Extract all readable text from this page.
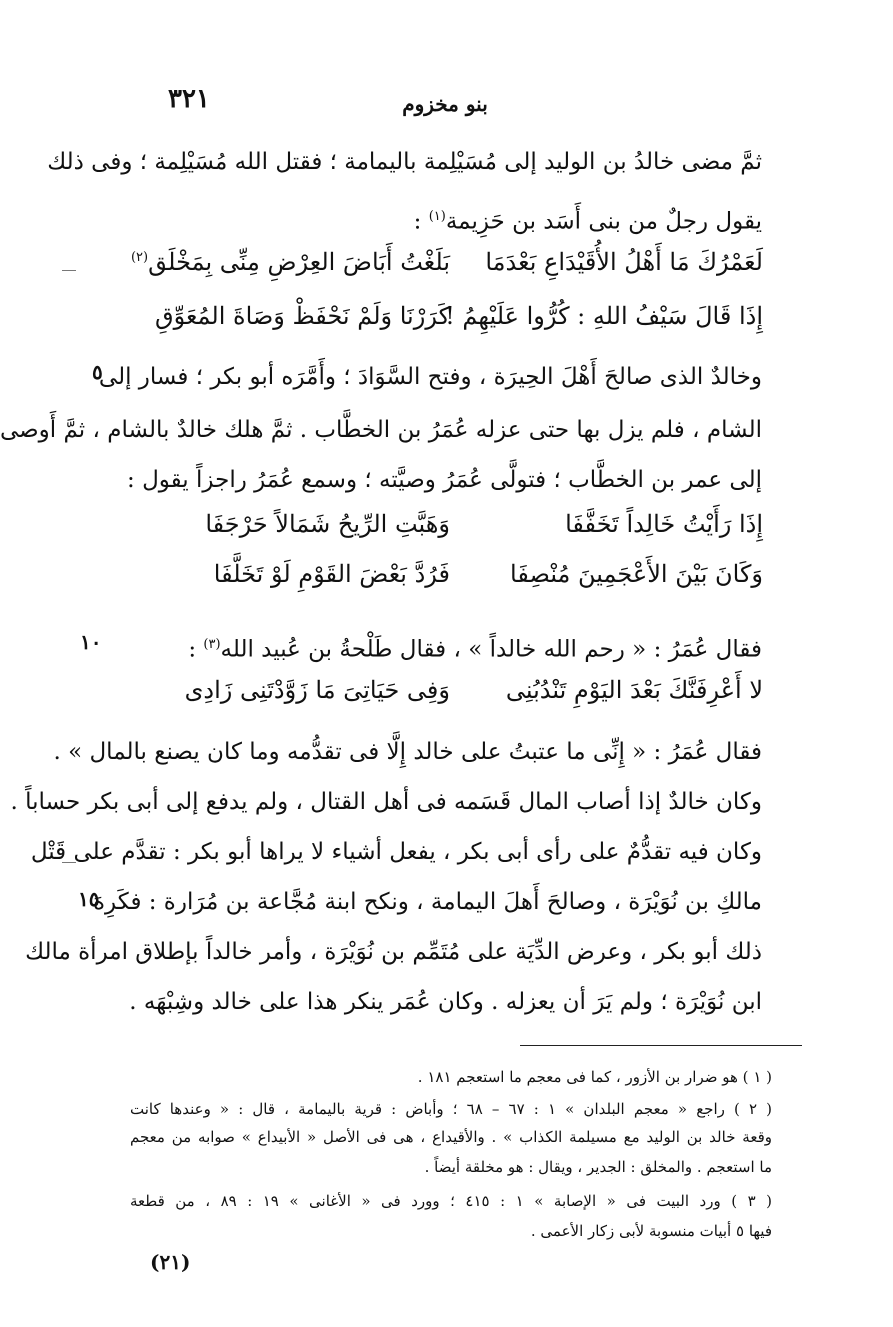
بنو مخزوم
٣٢١
ثمَّ مضى خالدُ بن الوليد إلى مُسَيْلِمة باليمامة ؛ فقتل الله مُسَيْلِمة ؛ وفى ذلك
يقول رجلٌ من بنى أَسَد بن حَزِيمة$^{(١)}$ :
لَعَمْرُكَ مَا أَهْلُ الأُقَيْدَاعِ بَعْدَمَا
بَلَغْتُ أَبَاضَ العِرْضِ مِنِّى بِمَخْلَق$^{(٢)}$
إِذَا قَالَ سَيْفُ اللهِ : كُرُّوا عَلَيْهِمُ !
كَرَرْنَا وَلَمْ نَحْفَظْ وَصَاةَ المُعَوِّقِ
وخالدٌ الذى صالحَ أَهْلَ الحِيرَة ، وفتح السَّوَادَ ؛ وأَمَّرَه أبو بكر ؛ فسار إلى
٥
الشام ، فلم يزل بها حتى عزله عُمَرُ بن الخطَّاب . ثمَّ هلك خالدٌ بالشام ، ثمَّ أَوصى
إلى عمر بن الخطَّاب ؛ فتولَّى عُمَرُ وصيَّته ؛ وسمع عُمَرُ راجزاً يقول :
إِذَا رَأَيْتُ خَالِداً تَخَفَّفَا
وَهَبَّتِ الرِّيحُ شَمَالاً حَرْجَفَا
وَكَانَ بَيْنَ الأَعْجَمِينَ مُنْصِفَا
فَرُدَّ بَعْضَ القَوْمِ لَوْ تَخَلَّفَا
فقال عُمَرُ : « رحم الله خالداً » ، فقال طَلْحةُ بن عُبيد الله$^{(٣)}$ :
١٠
لا أَعْرِفَنَّكَ بَعْدَ اليَوْمِ تَنْدُبُنِى
وَفِى حَيَاتِىَ مَا زَوَّدْتَنِى زَادِى
فقال عُمَرُ : « إِنِّى ما عتبتُ على خالد إِلَّا فى تقدُّمه وما كان يصنع بالمال » .
وكان خالدٌ إذا أصاب المال قَسَمه فى أهل القتال ، ولم يدفع إلى أبى بكر حساباً .
وكان فيه تقدُّمٌ على رأى أبى بكر ، يفعل أشياء لا يراها أبو بكر : تقدَّم على قَتْل
مالكِ بن نُوَيْرَة ، وصالحَ أَهلَ اليمامة ، ونكح ابنة مُجَّاعة بن مُرَارة : فكَرِهَ
١٥
ذلك أبو بكر ، وعرض الدِّيَة على مُتَمِّم بن نُوَيْرَة ، وأمر خالداً بإطلاق امرأة مالك
ابن نُوَيْرَة ؛ ولم يَرَ أن يعزله . وكان عُمَر ينكر هذا على خالد وشِبْهَه .
( ١ ) هو ضرار بن الأزور ، كما فى معجم ما استعجم ١٨١ .
( ٢ ) راجع « معجم البلدان » ١ : ٦٧ – ٦٨ ؛ وأباض : قرية باليمامة ، قال : « وعندها كانت
وقعة خالد بن الوليد مع مسيلمة الكذاب » . والأقيداع ، هى فى الأصل « الأبيداع » صوابه من معجم
ما استعجم . والمخلق : الجدير ، ويقال : هو مخلقة أيضاً .
( ٣ ) ورد البيت فى « الإصابة » ١ : ٤١٥ ؛ وورد فى « الأغانى » ١٩ : ٨٩ ، من قطعة
فيها ٥ أبيات منسوبة لأبى زكار الأعمى .
(٢١)
